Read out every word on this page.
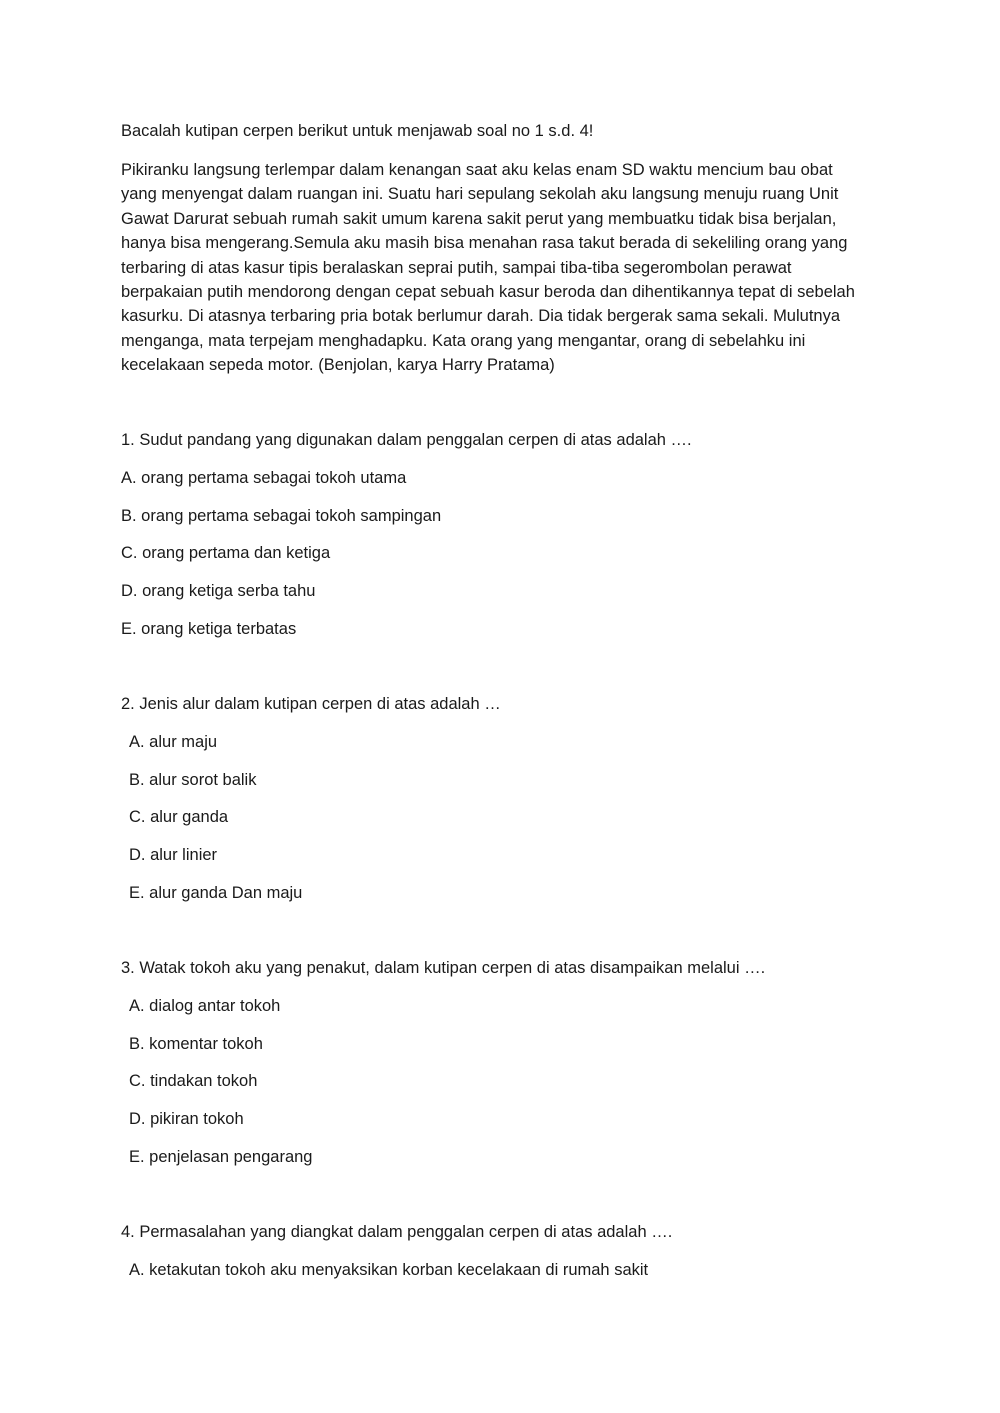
Bacalah kutipan cerpen berikut untuk menjawab soal no 1 s.d. 4!

Pikiranku langsung terlempar dalam kenangan saat aku kelas enam SD waktu mencium bau obat
yang menyengat dalam ruangan ini. Suatu hari sepulang sekolah aku langsung menuju ruang Unit
Gawat Darurat sebuah rumah sakit umum karena sakit perut yang membuatku tidak bisa berjalan,
hanya bisa mengerang.Semula aku masih bisa menahan rasa takut berada di sekeliling orang yang
terbaring di atas kasur tipis beralaskan seprai putih, sampai tiba-tiba segerombolan perawat
berpakaian putih mendorong dengan cepat sebuah kasur beroda dan dihentikannya tepat di sebelah
kasurku. Di atasnya terbaring pria botak berlumur darah. Dia tidak bergerak sama sekali. Mulutnya
menganga, mata terpejam menghadapku. Kata orang yang mengantar, orang di sebelahku ini
kecelakaan sepeda motor. (Benjolan, karya Harry Pratama)

1. Sudut pandang yang digunakan dalam penggalan cerpen di atas adalah ….

A. orang pertama sebagai tokoh utama

B. orang pertama sebagai tokoh sampingan

C. orang pertama dan ketiga

D. orang ketiga serba tahu

E. orang ketiga terbatas

2. Jenis alur dalam kutipan cerpen di atas adalah …

A. alur maju

B. alur sorot balik

C. alur ganda

D. alur linier

E. alur ganda Dan maju

3. Watak tokoh aku yang penakut, dalam kutipan cerpen di atas disampaikan melalui ….

A. dialog antar tokoh

B. komentar tokoh

C. tindakan tokoh

D. pikiran tokoh

E. penjelasan pengarang

4. Permasalahan yang diangkat dalam penggalan cerpen di atas adalah ….

A. ketakutan tokoh aku menyaksikan korban kecelakaan di rumah sakit
